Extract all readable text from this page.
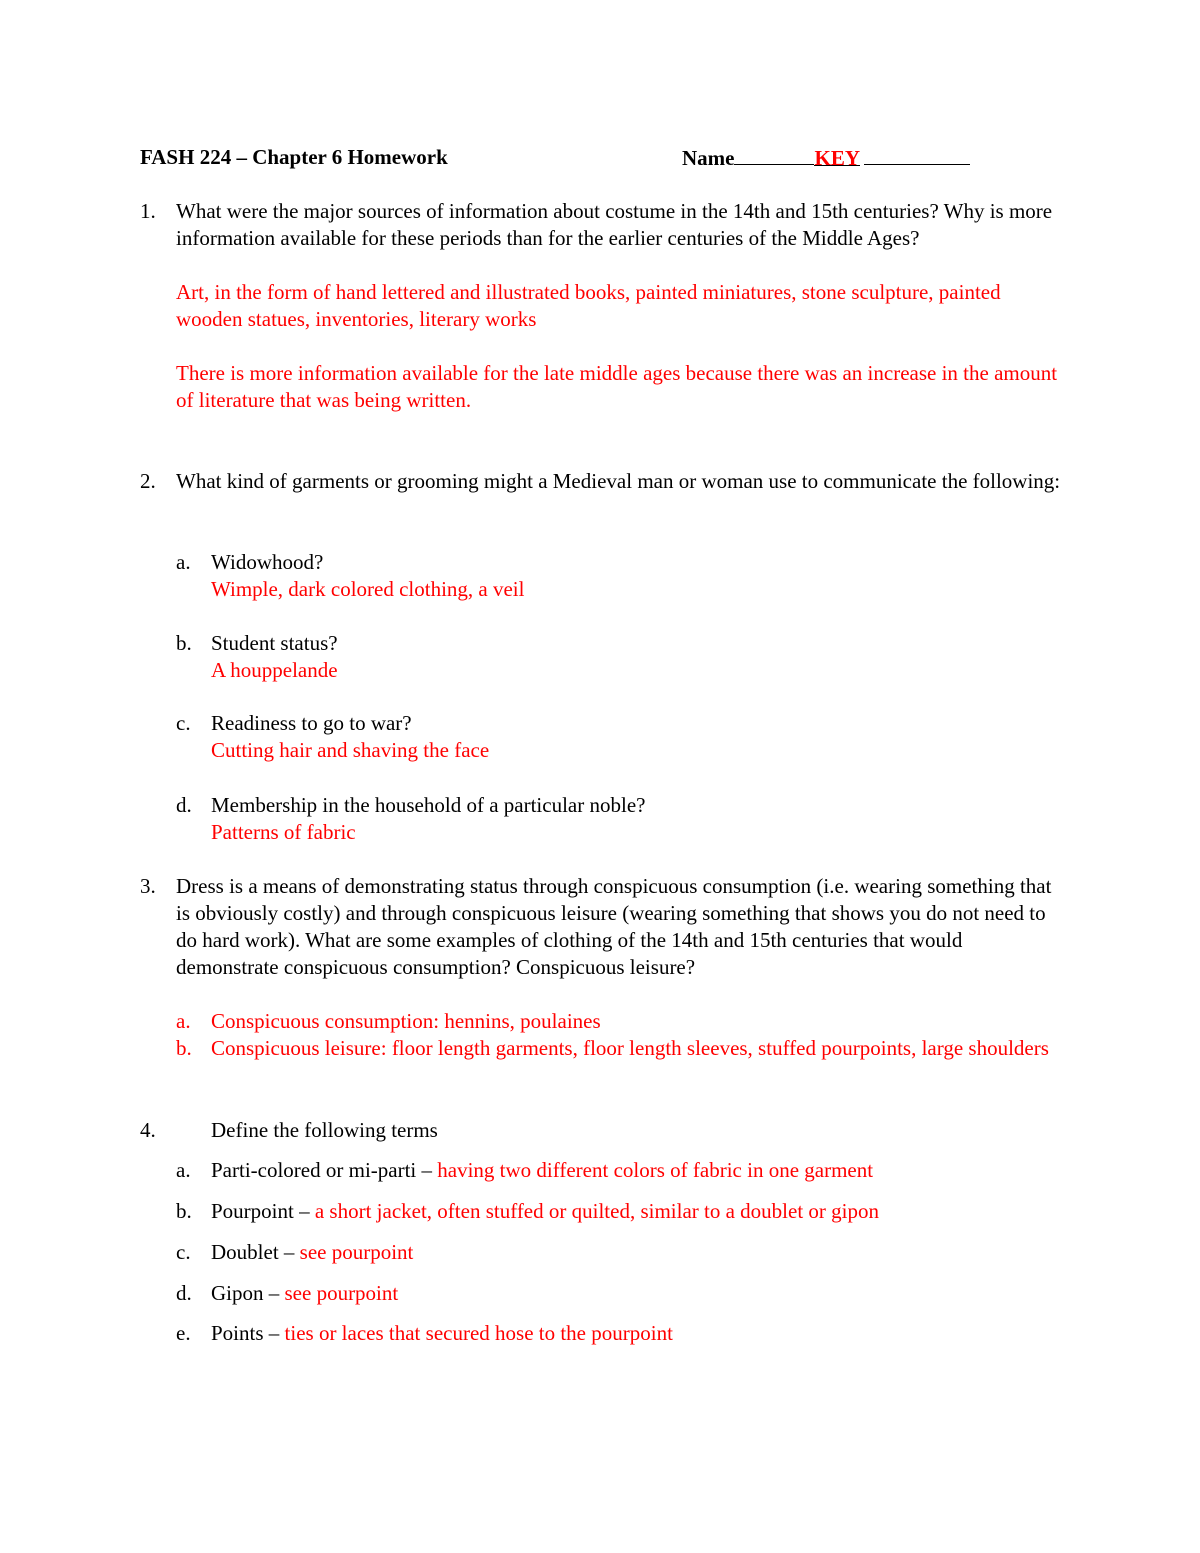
FASH 224 – Chapter 6 Homework	Name	KEY
1. What were the major sources of information about costume in the 14th and 15th centuries? Why is more information available for these periods than for the earlier centuries of the Middle Ages?

Art, in the form of hand lettered and illustrated books, painted miniatures, stone sculpture, painted wooden statues, inventories, literary works

There is more information available for the late middle ages because there was an increase in the amount of literature that was being written.

2. What kind of garments or grooming might a Medieval man or woman use to communicate the following:

a. Widowhood?

Wimple, dark colored clothing, a veil

b. Student status?

A houppelande

c. Readiness to go to war?

Cutting hair and shaving the face

d. Membership in the household of a particular noble?

Patterns of fabric

3. Dress is a means of demonstrating status through conspicuous consumption (i.e. wearing something that is obviously costly) and through conspicuous leisure (wearing something that shows you do not need to do hard work). What are some examples of clothing of the 14th and 15th centuries that would demonstrate conspicuous consumption? Conspicuous leisure?

a. Conspicuous consumption: hennins, poulaines

b. Conspicuous leisure: floor length garments, floor length sleeves, stuffed pourpoints, large shoulders

4.	Define the following terms

a. Parti-colored or mi-parti – having two different colors of fabric in one garment
b. Pourpoint – a short jacket, often stuffed or quilted, similar to a doublet or gipon
c. Doublet – see pourpoint
d. Gipon – see pourpoint
e. Points – ties or laces that secured hose to the pourpoint
